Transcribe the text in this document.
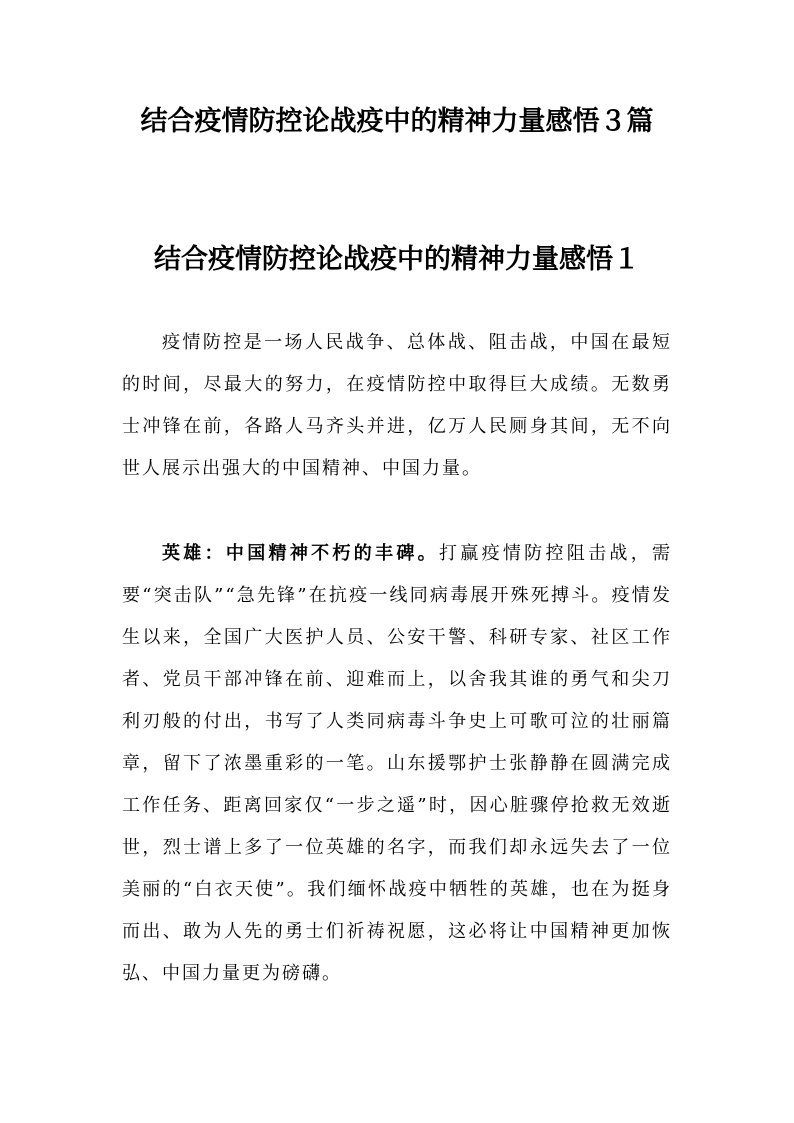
结合疫情防控论战疫中的精神力量感悟３篇
结合疫情防控论战疫中的精神力量感悟１

疫情防控是一场人民战争、总体战、阻击战，中国在最短的时间，尽最大的努力，在疫情防控中取得巨大成绩。无数勇士冲锋在前，各路人马齐头并进，亿万人民厕身其间，无不向世人展示出强大的中国精神、中国力量。

英雄：中国精神不朽的丰碑。打赢疫情防控阻击战，需要“突击队”“急先锋”在抗疫一线同病毒展开殊死搏斗。疫情发生以来，全国广大医护人员、公安干警、科研专家、社区工作者、党员干部冲锋在前、迎难而上，以舍我其谁的勇气和尖刀利刃般的付出，书写了人类同病毒斗争史上可歌可泣的壮丽篇章，留下了浓墨重彩的一笔。山东援鄂护士张静静在圆满完成工作任务、距离回家仅“一步之遥”时，因心脏骤停抢救无效逝世，烈士谱上多了一位英雄的名字，而我们却永远失去了一位美丽的“白衣天使”。我们缅怀战疫中牺牲的英雄，也在为挺身而出、敢为人先的勇士们祈祷祝愿，这必将让中国精神更加恢弘、中国力量更为磅礴。
